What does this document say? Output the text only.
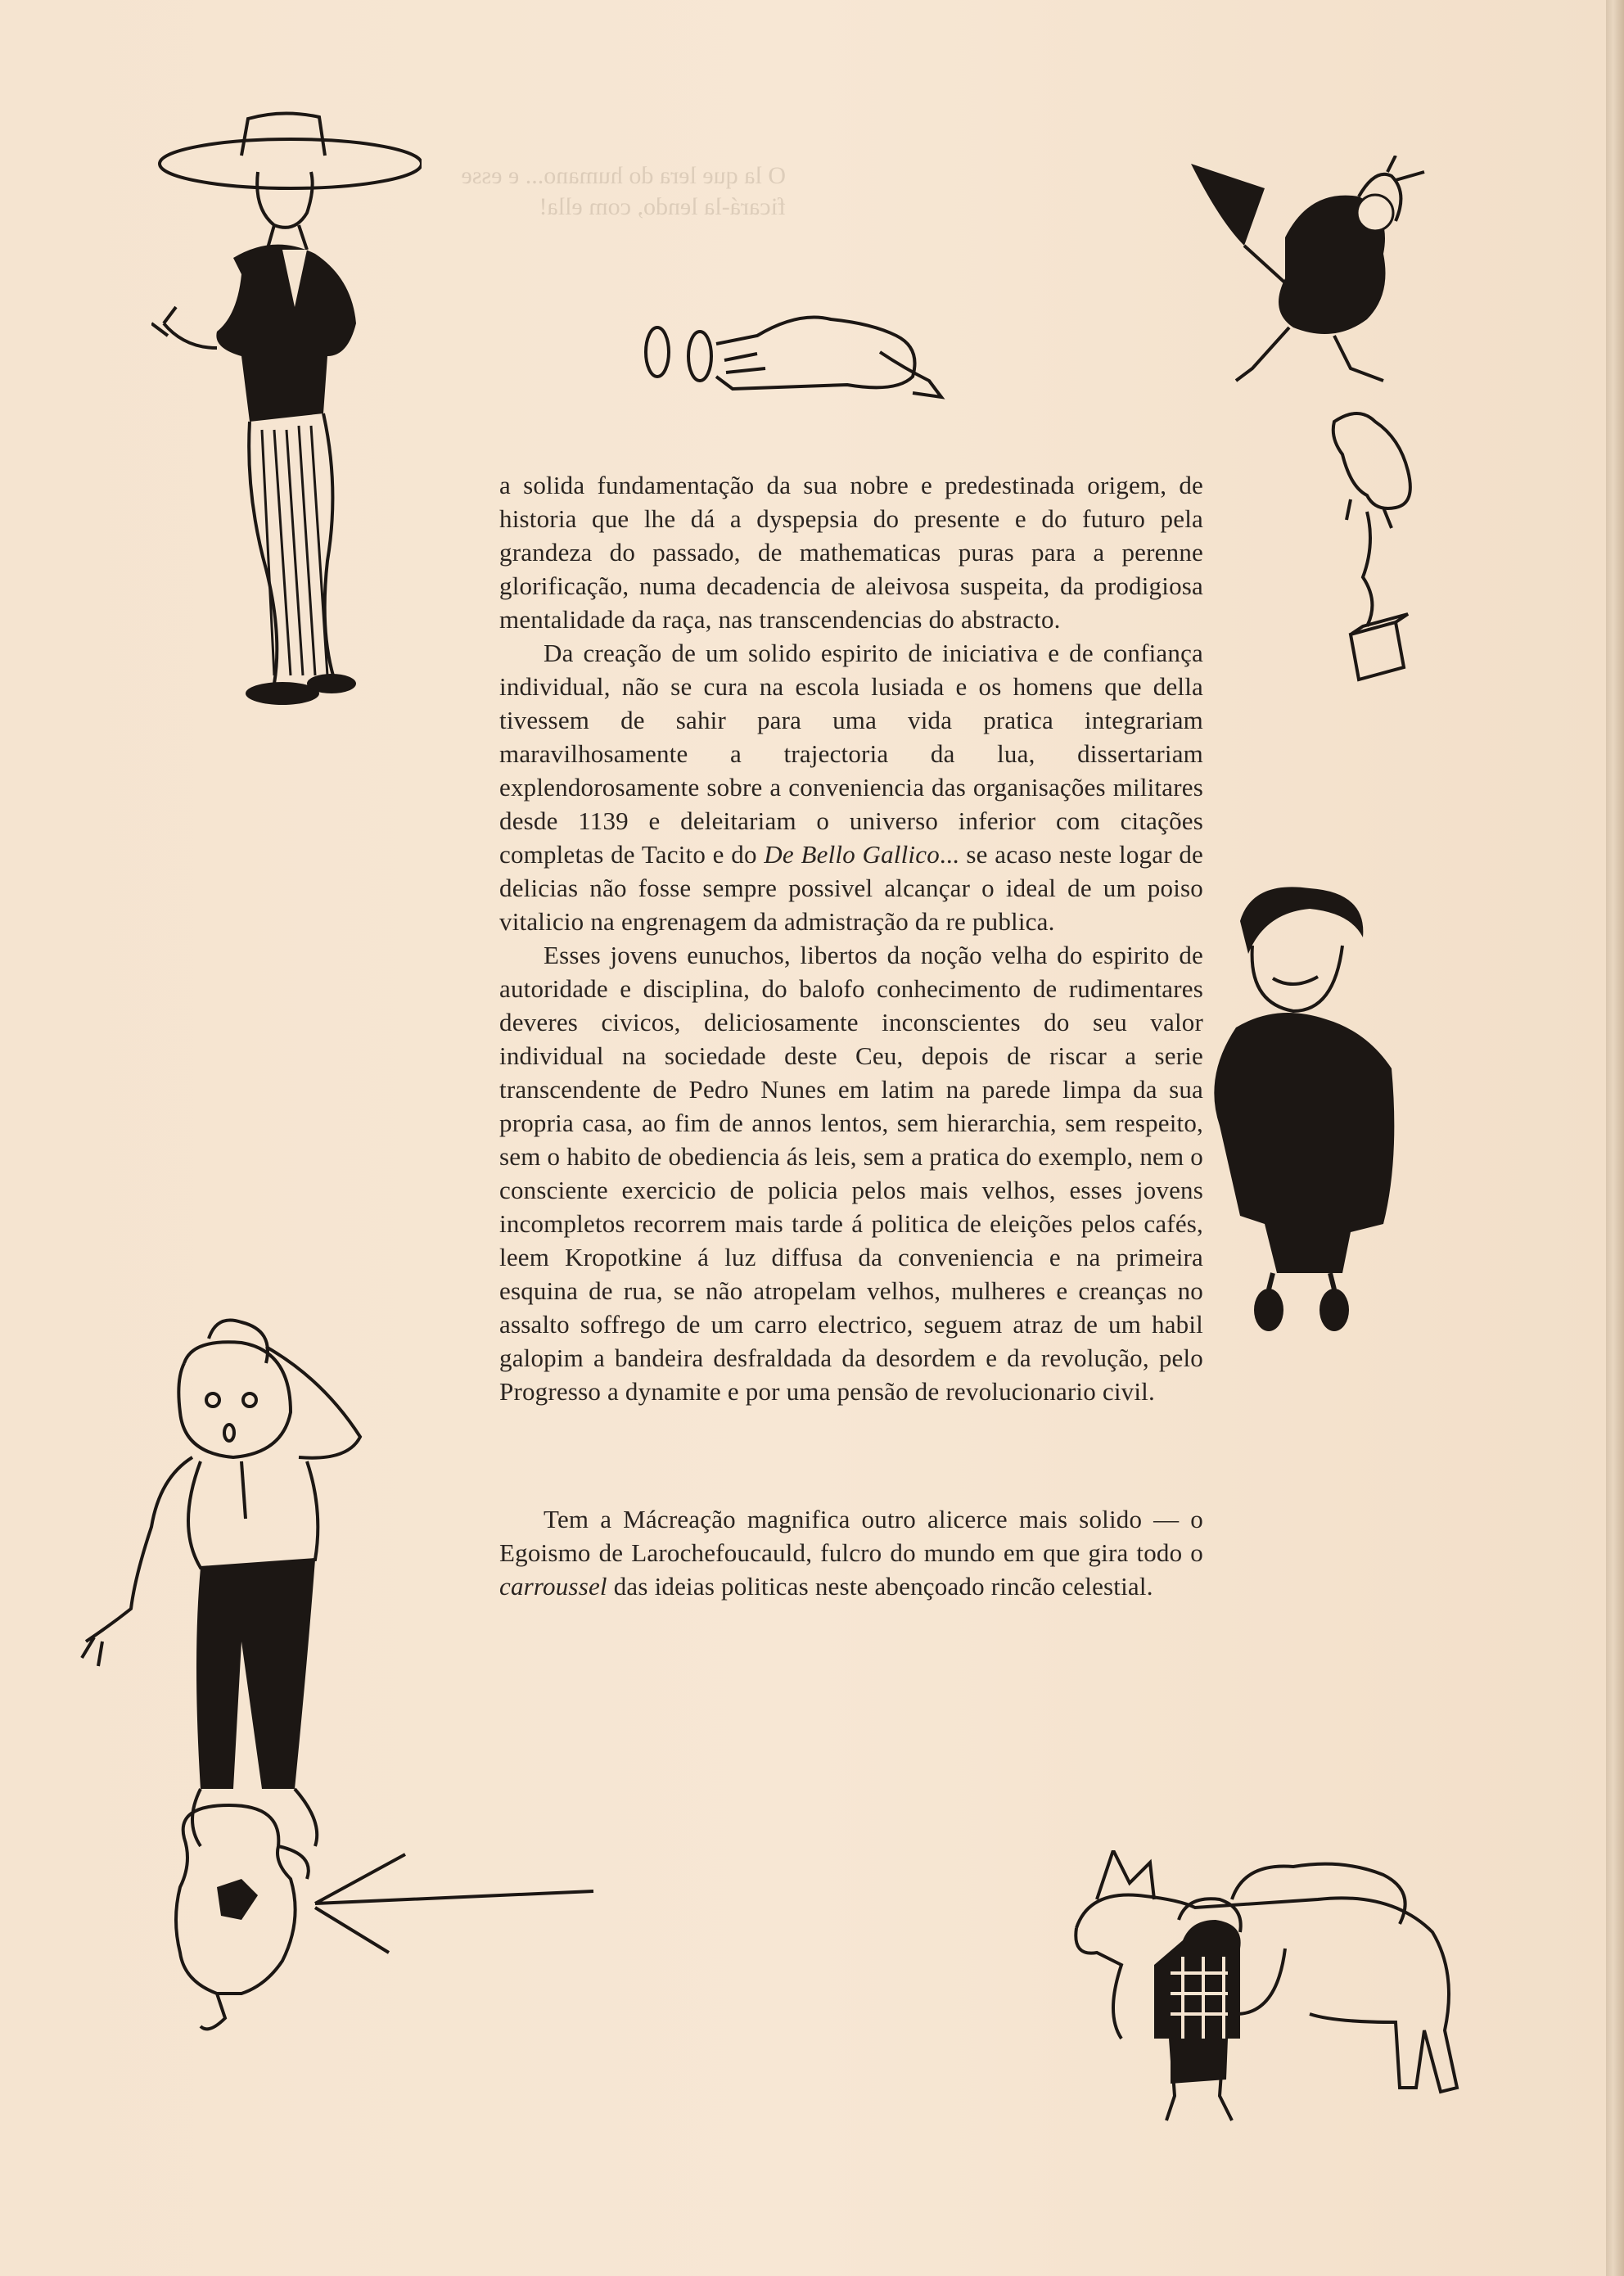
O la que lera do humano... e esse ficará-la lendo, com ella!

a solida fundamentação da sua nobre e predestinada origem, de historia que lhe dá a dyspepsia do presente e do futuro pela grandeza do passado, de mathematicas puras para a perenne glorificação, numa decadencia de aleivosa suspeita, da prodigiosa mentalidade da raça, nas transcendencias do abstracto.

Da creação de um solido espirito de iniciativa e de confiança individual, não se cura na escola lusiada e os homens que della tivessem de sahir para uma vida pratica integrariam maravilhosamente a trajectoria da lua, dissertariam explendorosamente sobre a conveniencia das organisações militares desde 1139 e deleitariam o universo inferior com citações completas de Tacito e do De Bello Gallico... se acaso neste logar de delicias não fosse sempre possivel alcançar o ideal de um poiso vitalicio na engrenagem da admistração da re publica.

Esses jovens eunuchos, libertos da noção velha do espirito de autoridade e disciplina, do balofo conhecimento de rudimentares deveres civicos, deliciosamente inconscientes do seu valor individual na sociedade deste Ceu, depois de riscar a serie transcendente de Pedro Nunes em latim na parede limpa da sua propria casa, ao fim de annos lentos, sem hierarchia, sem respeito, sem o habito de obediencia ás leis, sem a pratica do exemplo, nem o consciente exercicio de policia pelos mais velhos, esses jovens incompletos recorrem mais tarde á politica de eleições pelos cafés, leem Kropotkine á luz diffusa da conveniencia e na primeira esquina de rua, se não atropelam velhos, mulheres e creanças no assalto soffrego de um carro electrico, seguem atraz de um habil galopim a bandeira desfraldada da desordem e da revolução, pelo Progresso a dynamite e por uma pensão de revolucionario civil.

Tem a Mácreação magnifica outro alicerce mais solido — o Egoismo de Larochefoucauld, fulcro do mundo em que gira todo o carroussel das ideias politicas neste abençoado rincão celestial.
